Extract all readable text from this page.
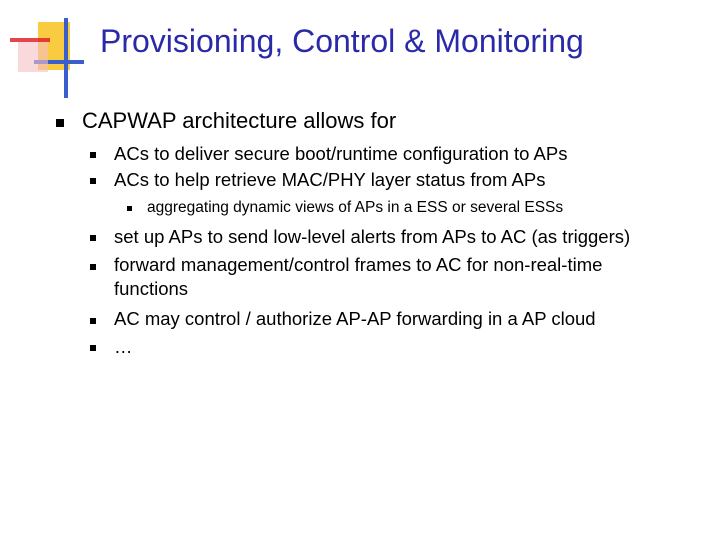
Provisioning, Control & Monitoring
CAPWAP architecture allows for
ACs to deliver secure boot/runtime configuration to APs
ACs to help retrieve MAC/PHY layer status from APs
aggregating dynamic views of APs in a ESS or several ESSs
set up APs to send low-level alerts from APs to AC (as triggers)
forward management/control frames to AC for non-real-time
functions
AC may control / authorize AP-AP forwarding in a AP cloud
…
